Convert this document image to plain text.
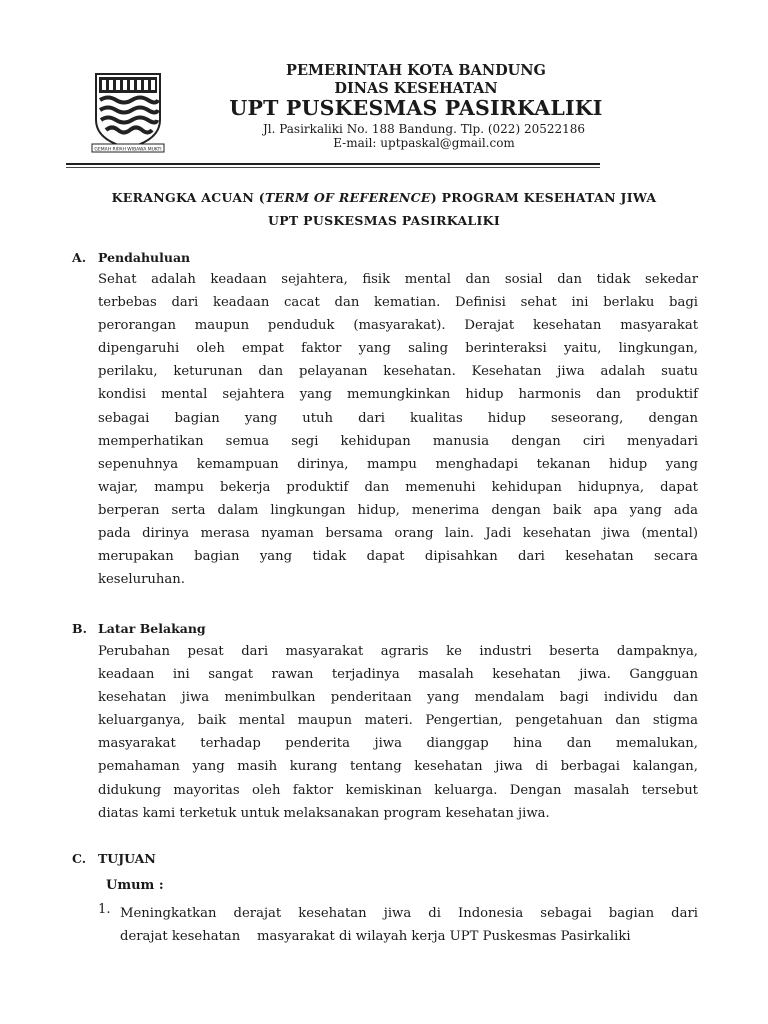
GEMAH RIPAH WIBAWA MUKTI
PEMERINTAH KOTA BANDUNG
DINAS KESEHATAN
UPT PUSKESMAS PASIRKALIKI
Jl. Pasirkaliki No. 188 Bandung. Tlp. (022) 20522186
E-mail: uptpaskal@gmail.com
KERANGKA ACUAN (TERM OF REFERENCE) PROGRAM KESEHATAN JIWA
UPT PUSKESMAS PASIRKALIKI
A. Pendahuluan
Sehat adalah keadaan sejahtera, fisik mental dan sosial dan tidak sekedar
terbebas dari keadaan cacat dan kematian. Definisi sehat ini berlaku bagi
perorangan maupun penduduk (masyarakat). Derajat kesehatan masyarakat
dipengaruhi oleh empat faktor yang saling berinteraksi yaitu, lingkungan,
perilaku, keturunan dan pelayanan kesehatan. Kesehatan jiwa adalah suatu
kondisi mental sejahtera yang memungkinkan hidup harmonis dan produktif
sebagai bagian yang utuh dari kualitas hidup seseorang, dengan
memperhatikan semua segi kehidupan manusia dengan ciri menyadari
sepenuhnya kemampuan dirinya, mampu menghadapi tekanan hidup yang
wajar, mampu bekerja produktif dan memenuhi kehidupan hidupnya, dapat
berperan serta dalam lingkungan hidup, menerima dengan baik apa yang ada
pada dirinya merasa nyaman bersama orang lain. Jadi kesehatan jiwa (mental)
merupakan bagian yang tidak dapat dipisahkan dari kesehatan secara
keseluruhan.
B. Latar Belakang
Perubahan pesat dari masyarakat agraris ke industri beserta dampaknya,
keadaan ini sangat rawan terjadinya masalah kesehatan jiwa. Gangguan
kesehatan jiwa menimbulkan penderitaan yang mendalam bagi individu dan
keluarganya, baik mental maupun materi. Pengertian, pengetahuan dan stigma
masyarakat terhadap penderita jiwa dianggap hina dan memalukan,
pemahaman yang masih kurang tentang kesehatan jiwa di berbagai kalangan,
didukung mayoritas oleh faktor kemiskinan keluarga. Dengan masalah tersebut
diatas kami terketuk untuk melaksanakan program kesehatan jiwa.
C. TUJUAN
Umum :
1. Meningkatkan derajat kesehatan jiwa di Indonesia sebagai bagian dari
derajat kesehatan    masyarakat di wilayah kerja UPT Puskesmas Pasirkaliki
